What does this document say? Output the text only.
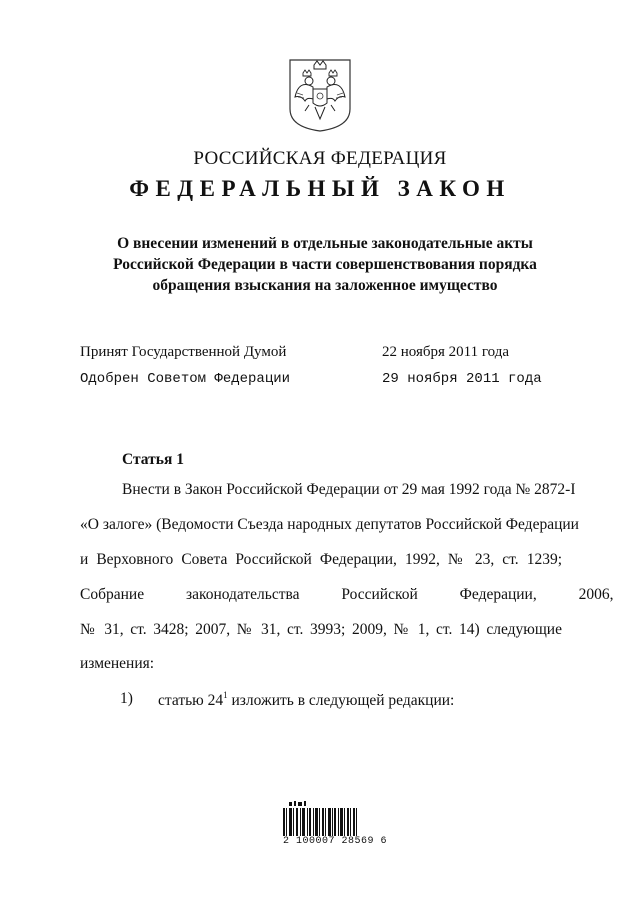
РОССИЙСКАЯ ФЕДЕРАЦИЯ
ФЕДЕРАЛЬНЫЙ ЗАКОН
О внесении изменений в отдельные законодательные акты
Российской Федерации в части совершенствования порядка
обращения взыскания на заложенное имущество
Принят Государственной Думой	22 ноября 2011 года
Одобрен Советом Федерации	29 ноября 2011 года
Статья 1
Внести в Закон Российской Федерации от 29 мая 1992 года № 2872-I
«О залоге» (Ведомости Съезда народных депутатов Российской Федерации
и Верховного Совета Российской Федерации, 1992, № 23, ст. 1239;
Собрание законодательства Российской Федерации, 2006,
№ 31, ст. 3428; 2007, № 31, ст. 3993; 2009, № 1, ст. 14) следующие
изменения:
1) статью $24^1$ изложить в следующей редакции:
2 100007 28569 6
